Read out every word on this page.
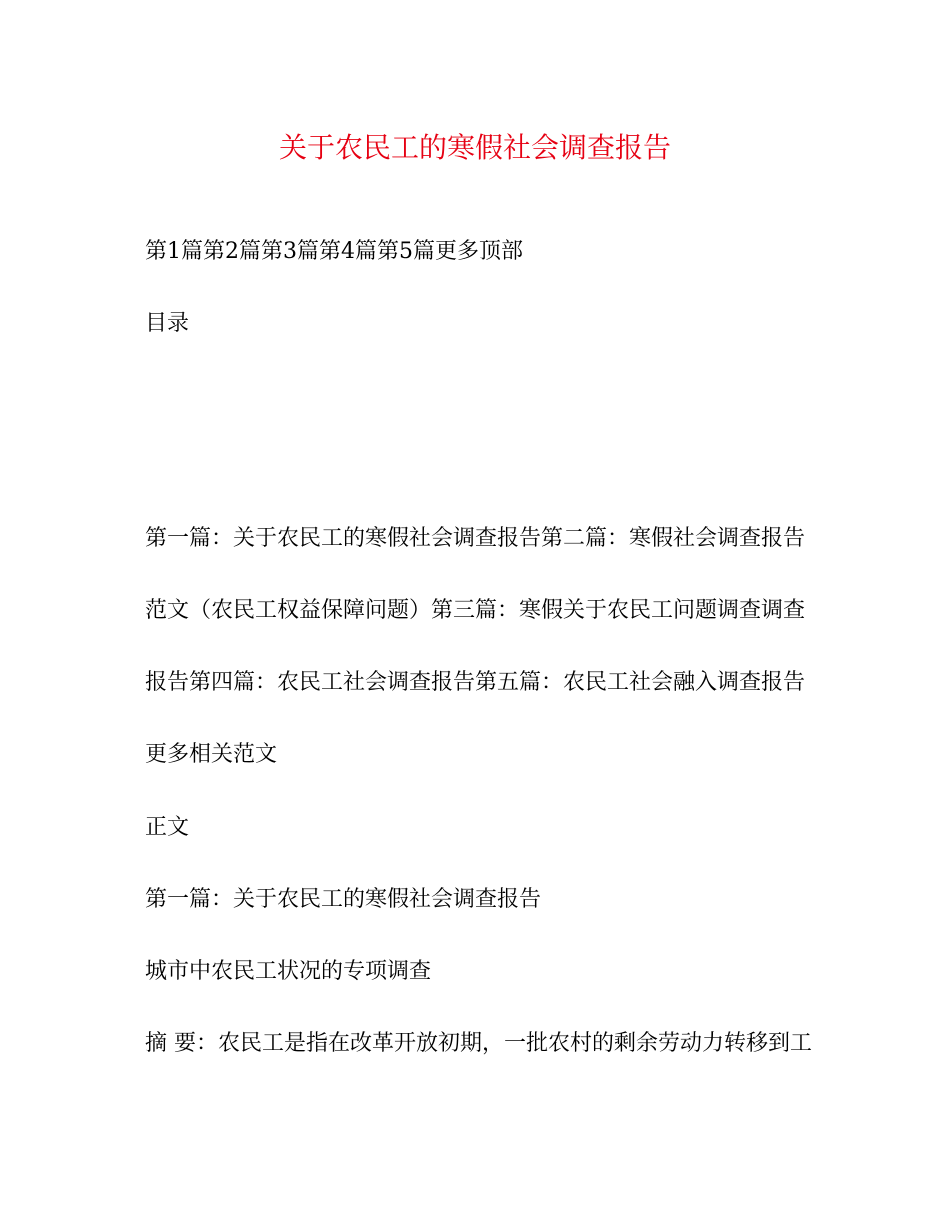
关于农民工的寒假社会调查报告

第1篇第2篇第3篇第4篇第5篇更多顶部

目录

第一篇：关于农民工的寒假社会调查报告第二篇：寒假社会调查报告

范文（农民工权益保障问题）第三篇：寒假关于农民工问题调查调查

报告第四篇：农民工社会调查报告第五篇：农民工社会融入调查报告

更多相关范文

正文

第一篇：关于农民工的寒假社会调查报告

城市中农民工状况的专项调查

摘 要：农民工是指在改革开放初期，一批农村的剩余劳动力转移到工
